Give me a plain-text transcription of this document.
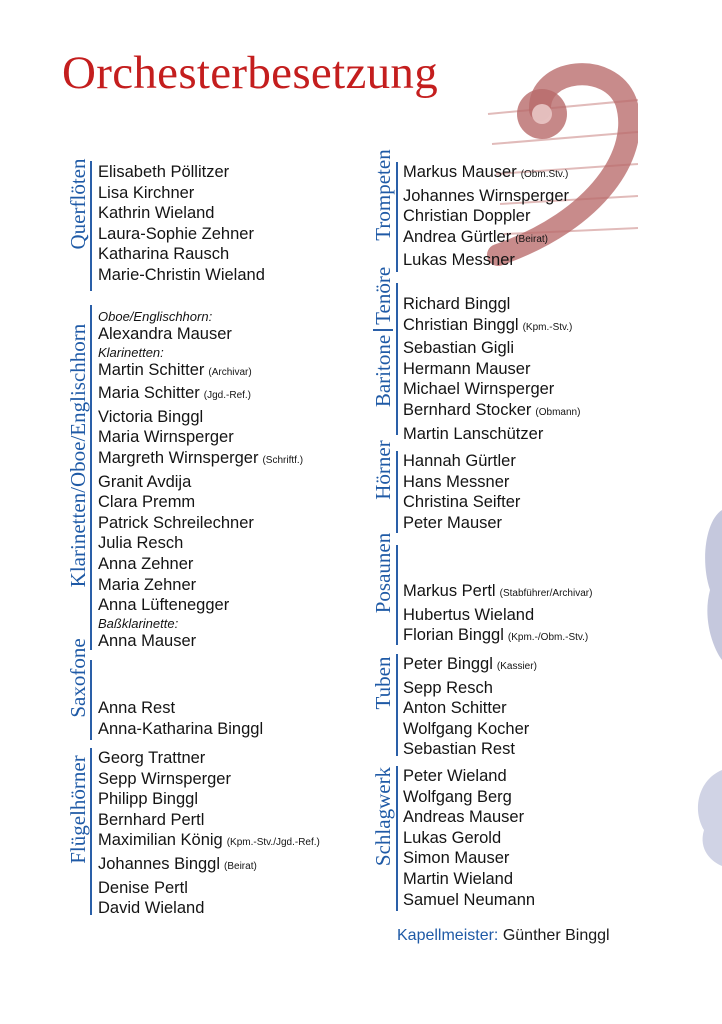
Orchesterbesetzung
Querflöten Elisabeth Pöllitzer
Lisa Kirchner
Kathrin Wieland
Laura-Sophie Zehner
Katharina Rausch
Marie-Christin Wieland
Klarinetten/Oboe/Englischhorn
Oboe/Englischhorn:
Alexandra Mauser
Klarinetten:
Martin Schitter (Archivar)
Maria Schitter (Jgd.-Ref.)
Victoria Binggl
Maria Wirnsperger
Margreth Wirnsperger (Schriftf.)
Granit Avdija
Clara Premm
Patrick Schreilechner
Julia Resch
Anna Zehner
Maria Zehner
Anna Lüftenegger
Baßklarinette:
Anna Mauser
Saxofone Anna Rest
Anna-Katharina Binggl
Flügelhörner Georg Trattner
Sepp Wirnsperger
Philipp Binggl
Bernhard Pertl
Maximilian König (Kpm.-Stv./Jgd.-Ref.)
Johannes Binggl (Beirat)
Denise Pertl
David Wieland
Trompeten Markus Mauser (Obm.Stv.)
Johannes Wirnsperger
Christian Doppler
Andrea Gürtler (Beirat)
Lukas Messner
BaritoneTenöre Richard Binggl
Christian Binggl (Kpm.-Stv.)
Sebastian Gigli
Hermann Mauser
Michael Wirnsperger
Bernhard Stocker (Obmann)
Martin Lanschützer
Hörner Hannah Gürtler
Hans Messner
Christina Seifter
Peter Mauser
Posaunen Markus Pertl (Stabführer/Archivar)
Hubertus Wieland
Florian Binggl (Kpm.-/Obm.-Stv.)
Tuben Peter Binggl (Kassier)
Sepp Resch
Anton Schitter
Wolfgang Kocher
Sebastian Rest
Schlagwerk Peter Wieland
Wolfgang Berg
Andreas Mauser
Lukas Gerold
Simon Mauser
Martin Wieland
Samuel Neumann
Kapellmeister: Günther Binggl
